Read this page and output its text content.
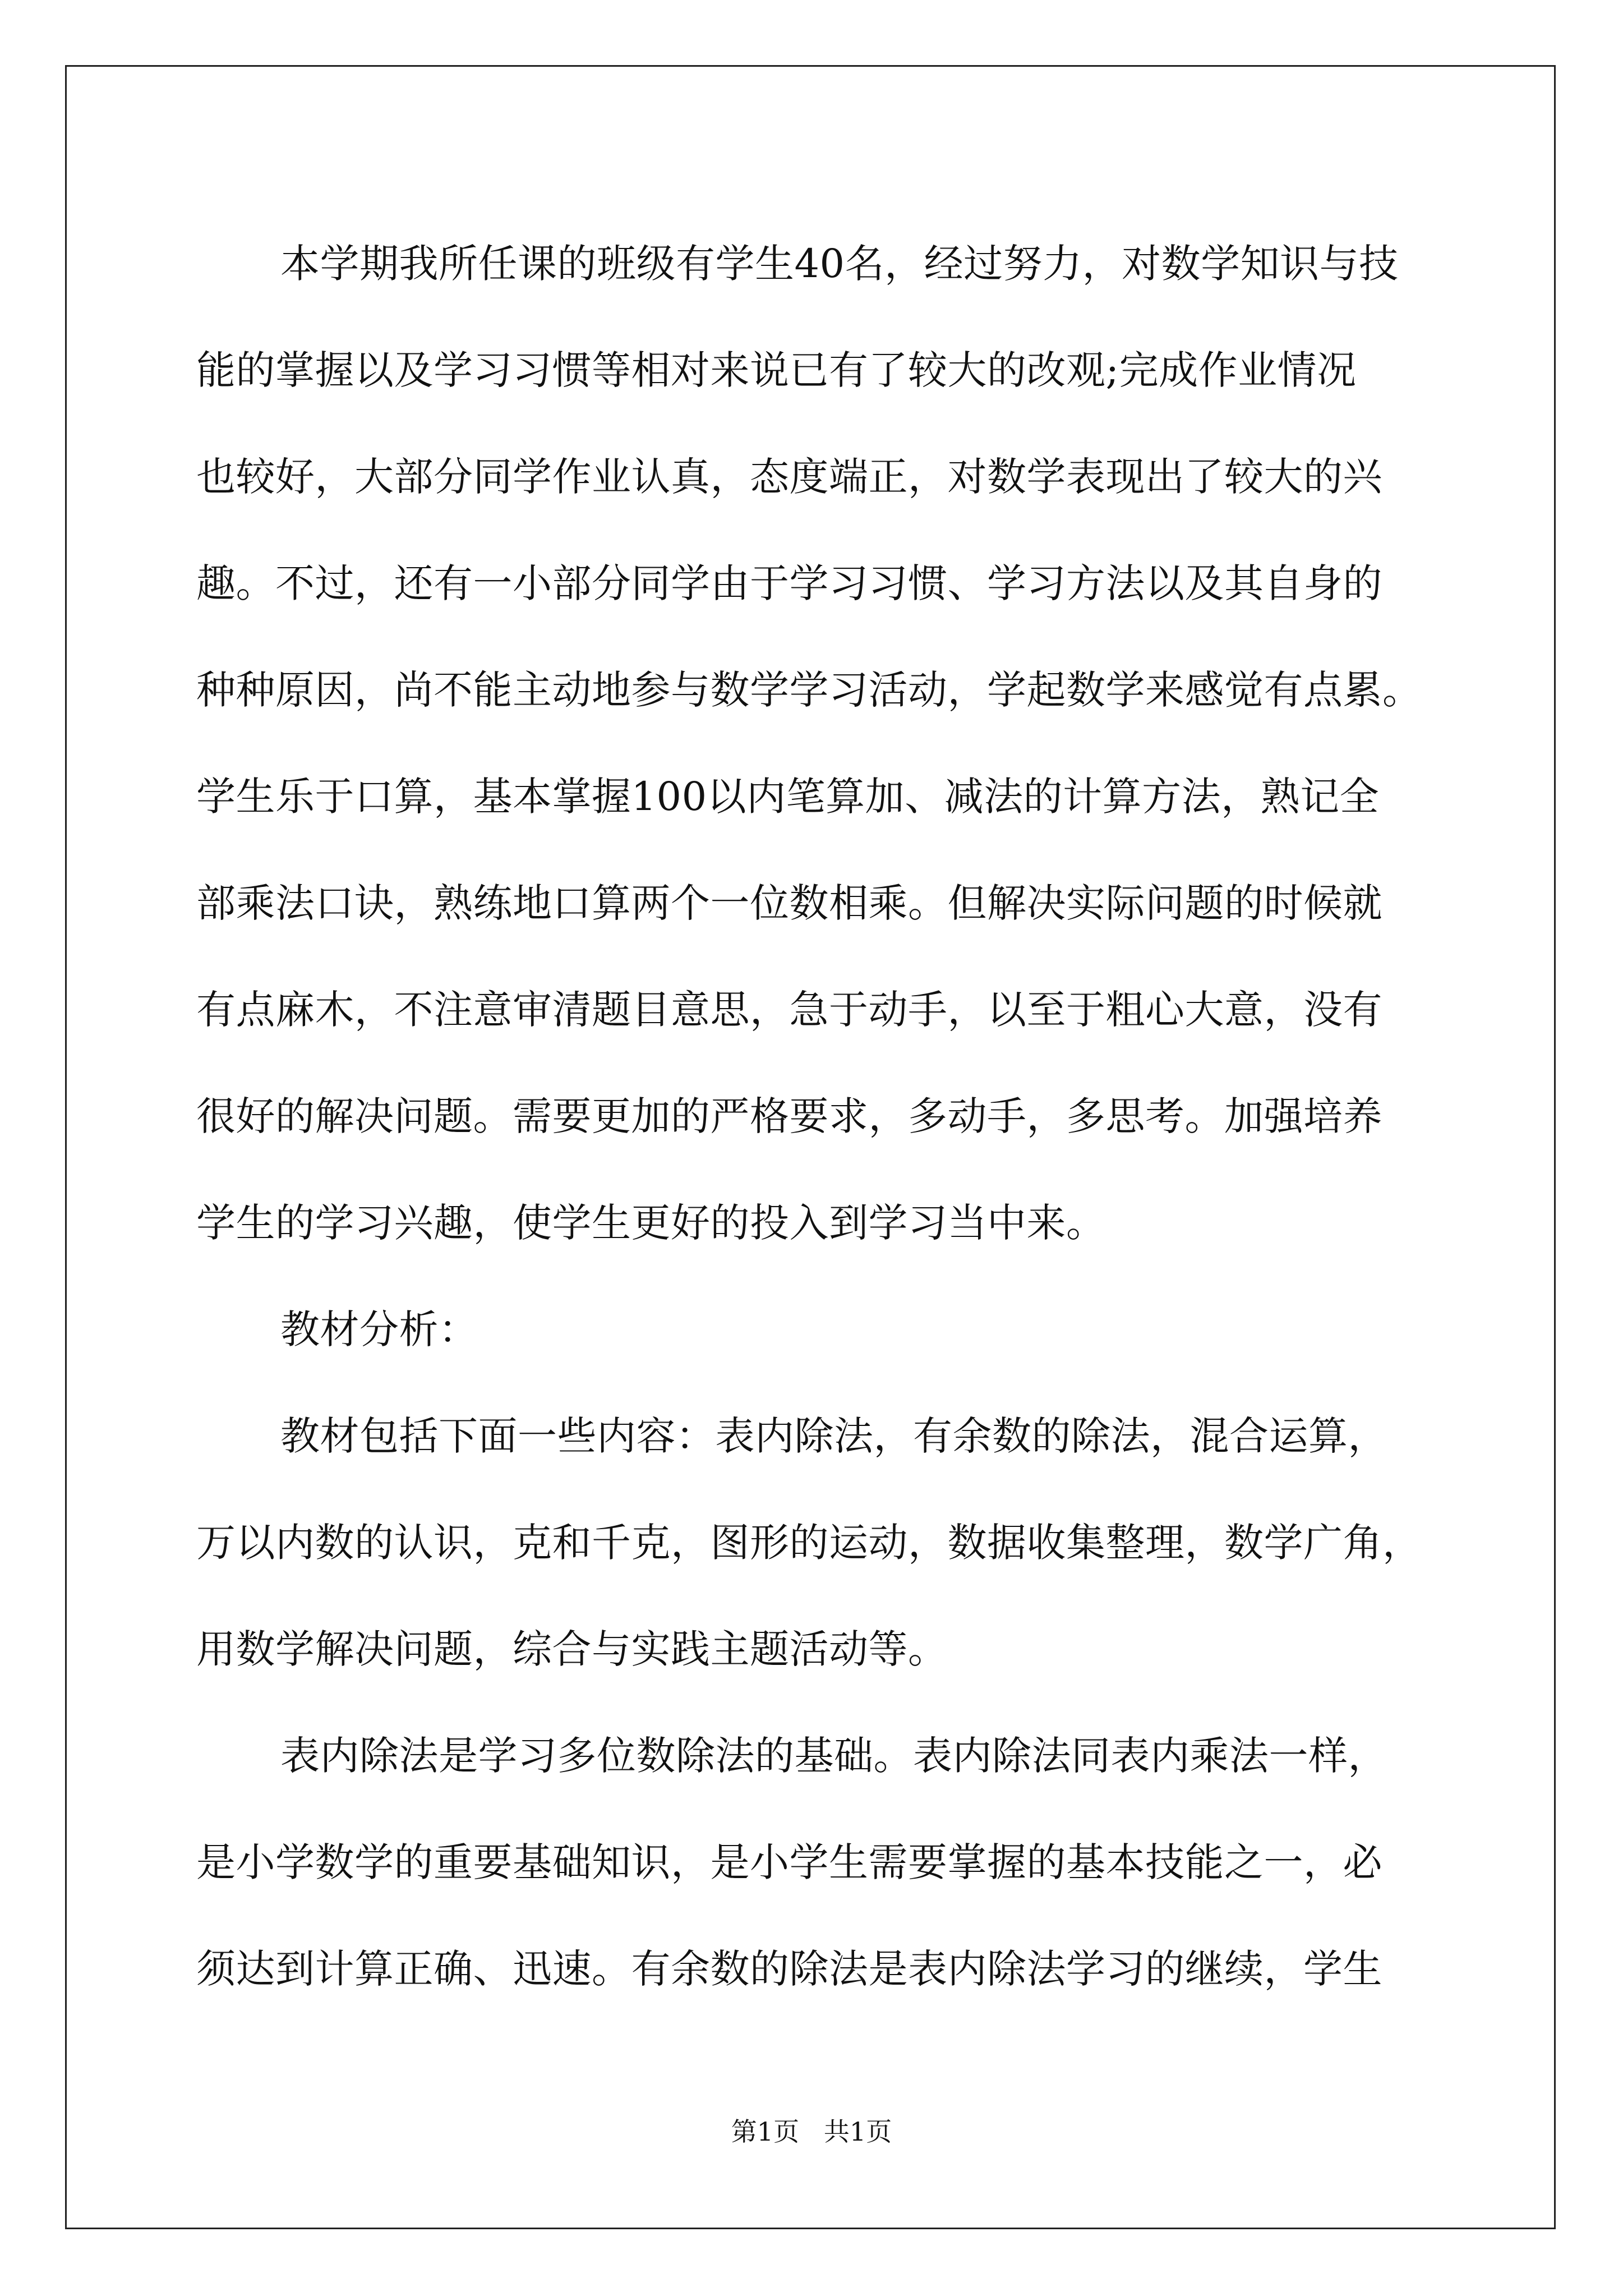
本学期我所任课的班级有学生40名，经过努力，对数学知识与技
能的掌握以及学习习惯等相对来说已有了较大的改观;完成作业情况
也较好，大部分同学作业认真，态度端正，对数学表现出了较大的兴
趣。不过，还有一小部分同学由于学习习惯、学习方法以及其自身的
种种原因，尚不能主动地参与数学学习活动，学起数学来感觉有点累。
学生乐于口算，基本掌握100以内笔算加、减法的计算方法，熟记全
部乘法口诀，熟练地口算两个一位数相乘。但解决实际问题的时候就
有点麻木，不注意审清题目意思，急于动手，以至于粗心大意，没有
很好的解决问题。需要更加的严格要求，多动手，多思考。加强培养
学生的学习兴趣，使学生更好的投入到学习当中来。
教材分析：
教材包括下面一些内容：表内除法，有余数的除法，混合运算，
万以内数的认识，克和千克，图形的运动，数据收集整理，数学广角，
用数学解决问题，综合与实践主题活动等。
表内除法是学习多位数除法的基础。表内除法同表内乘法一样，
是小学数学的重要基础知识，是小学生需要掌握的基本技能之一，必
须达到计算正确、迅速。有余数的除法是表内除法学习的继续，学生
第1页   共1页
